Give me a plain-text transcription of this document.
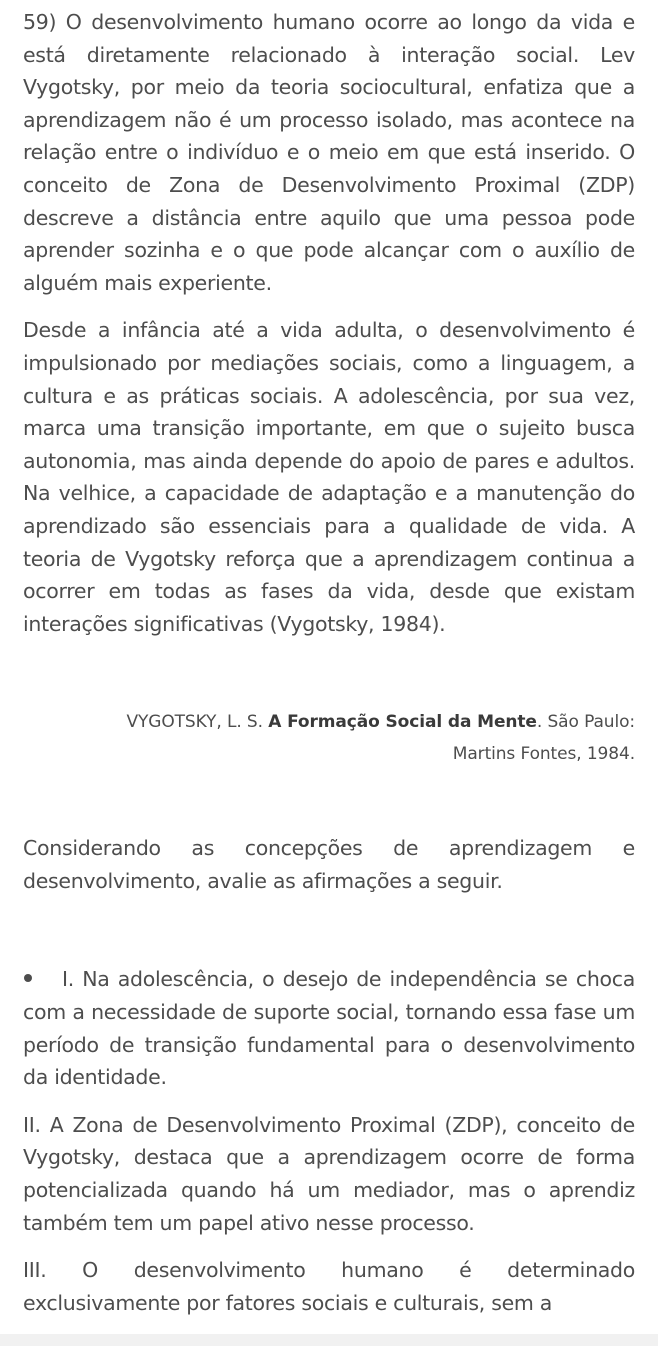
59) O desenvolvimento humano ocorre ao longo da vida e está diretamente relacionado à interação social. Lev Vygotsky, por meio da teoria sociocultural, enfatiza que a aprendizagem não é um processo isolado, mas acontece na relação entre o indivíduo e o meio em que está inserido. O conceito de Zona de Desenvolvimento Proximal (ZDP) descreve a distância entre aquilo que uma pessoa pode aprender sozinha e o que pode alcançar com o auxílio de alguém mais experiente.

Desde a infância até a vida adulta, o desenvolvimento é impulsionado por mediações sociais, como a linguagem, a cultura e as práticas sociais. A adolescência, por sua vez, marca uma transição importante, em que o sujeito busca autonomia, mas ainda depende do apoio de pares e adultos. Na velhice, a capacidade de adaptação e a manutenção do aprendizado são essenciais para a qualidade de vida. A teoria de Vygotsky reforça que a aprendizagem continua a ocorrer em todas as fases da vida, desde que existam interações significativas (Vygotsky, 1984).

VYGOTSKY, L. S. A Formação Social da Mente. São Paulo: Martins Fontes, 1984.

Considerando as concepções de aprendizagem e desenvolvimento, avalie as afirmações a seguir.

I. Na adolescência, o desejo de independência se choca com a necessidade de suporte social, tornando essa fase um período de transição fundamental para o desenvolvimento da identidade.

II. A Zona de Desenvolvimento Proximal (ZDP), conceito de Vygotsky, destaca que a aprendizagem ocorre de forma potencializada quando há um mediador, mas o aprendiz também tem um papel ativo nesse processo.

III. O desenvolvimento humano é determinado exclusivamente por fatores sociais e culturais, sem a
